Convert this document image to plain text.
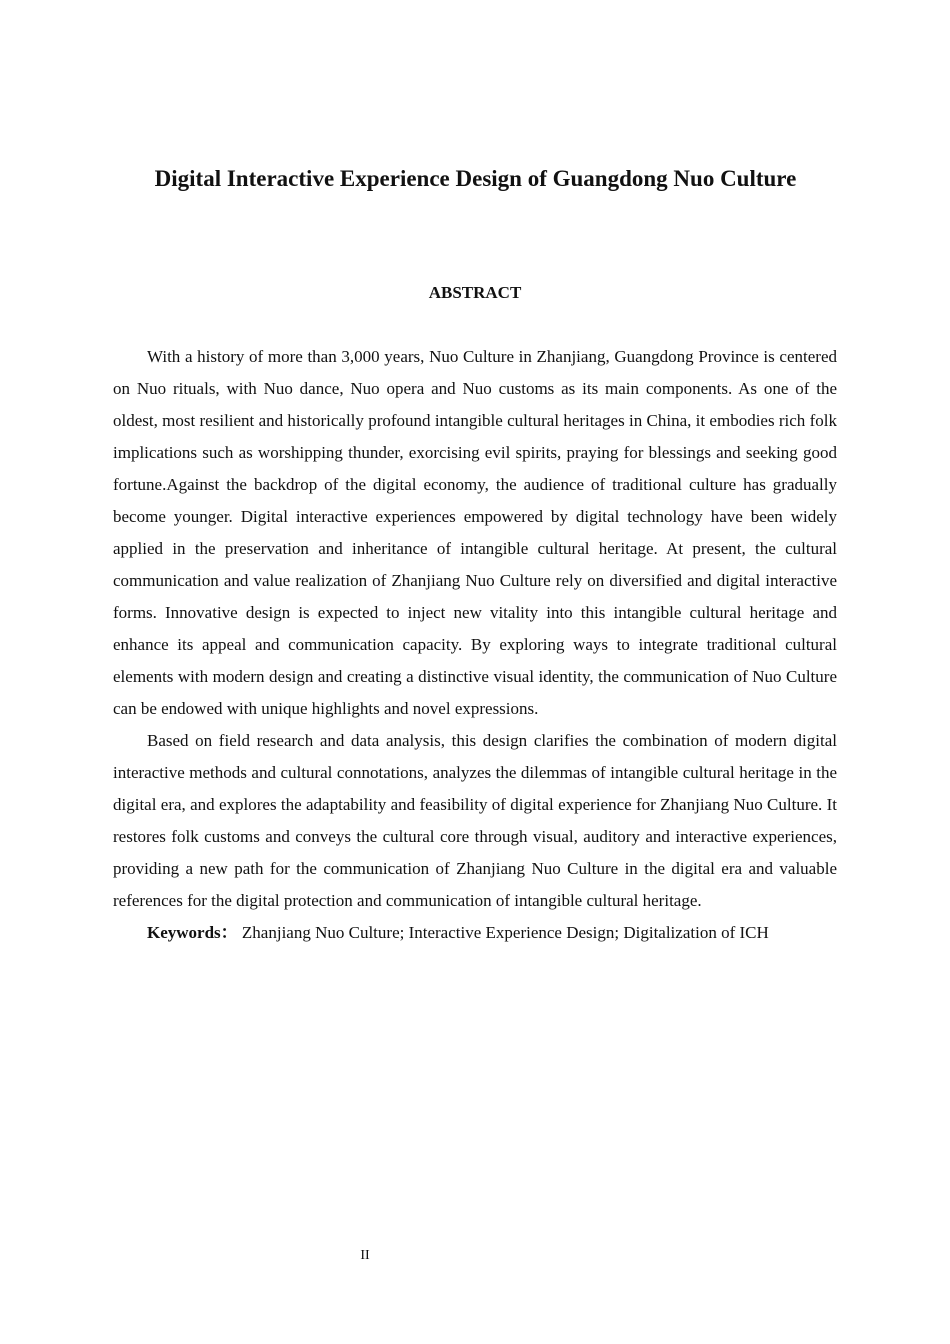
Digital Interactive Experience Design of Guangdong Nuo Culture
ABSTRACT

With a history of more than 3,000 years, Nuo Culture in Zhanjiang, Guangdong Province is centered on Nuo rituals, with Nuo dance, Nuo opera and Nuo customs as its main components. As one of the oldest, most resilient and historically profound intangible cultural heritages in China, it embodies rich folk implications such as worshipping thunder, exorcising evil spirits, praying for blessings and seeking good fortune.Against the backdrop of the digital economy, the audience of traditional culture has gradually become younger. Digital interactive experiences empowered by digital technology have been widely applied in the preservation and inheritance of intangible cultural heritage. At present, the cultural communication and value realization of Zhanjiang Nuo Culture rely on diversified and digital interactive forms. Innovative design is expected to inject new vitality into this intangible cultural heritage and enhance its appeal and communication capacity. By exploring ways to integrate traditional cultural elements with modern design and creating a distinctive visual identity, the communication of Nuo Culture can be endowed with unique highlights and novel expressions.

Based on field research and data analysis, this design clarifies the combination of modern digital interactive methods and cultural connotations, analyzes the dilemmas of intangible cultural heritage in the digital era, and explores the adaptability and feasibility of digital experience for Zhanjiang Nuo Culture. It restores folk customs and conveys the cultural core through visual, auditory and interactive experiences, providing a new path for the communication of Zhanjiang Nuo Culture in the digital era and valuable references for the digital protection and communication of intangible cultural heritage.

Keywords： Zhanjiang Nuo Culture; Interactive Experience Design; Digitalization of ICH

II
